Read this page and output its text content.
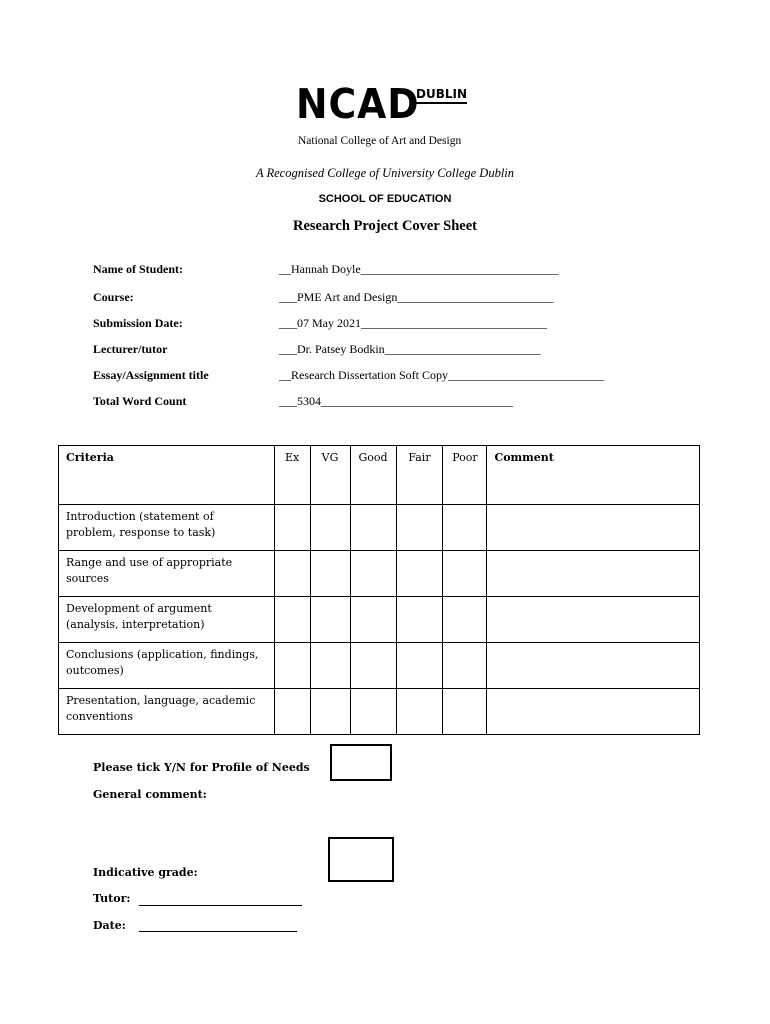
NCAD
DUBLIN
National College of Art and Design
A Recognised College of University College Dublin
SCHOOL OF EDUCATION
Research Project Cover Sheet
Name of Student:	__Hannah Doyle_________________________________
Course:	___PME Art and Design__________________________
Submission Date:	___07 May 2021_______________________________
Lecturer/tutor	___Dr. Patsey Bodkin__________________________
Essay/Assignment title	__Research Dissertation Soft Copy__________________________
Total Word Count	___5304________________________________
Criteria	Ex	VG	Good	Fair	Poor	Comment
Introduction (statement of problem, response to task)						
Range and use of appropriate sources						
Development of argument (analysis, interpretation)						
Conclusions (application, findings, outcomes)						
Presentation, language, academic conventions						
Please tick Y/N for Profile of Needs
General comment:
Indicative grade:
Tutor:
Date:
